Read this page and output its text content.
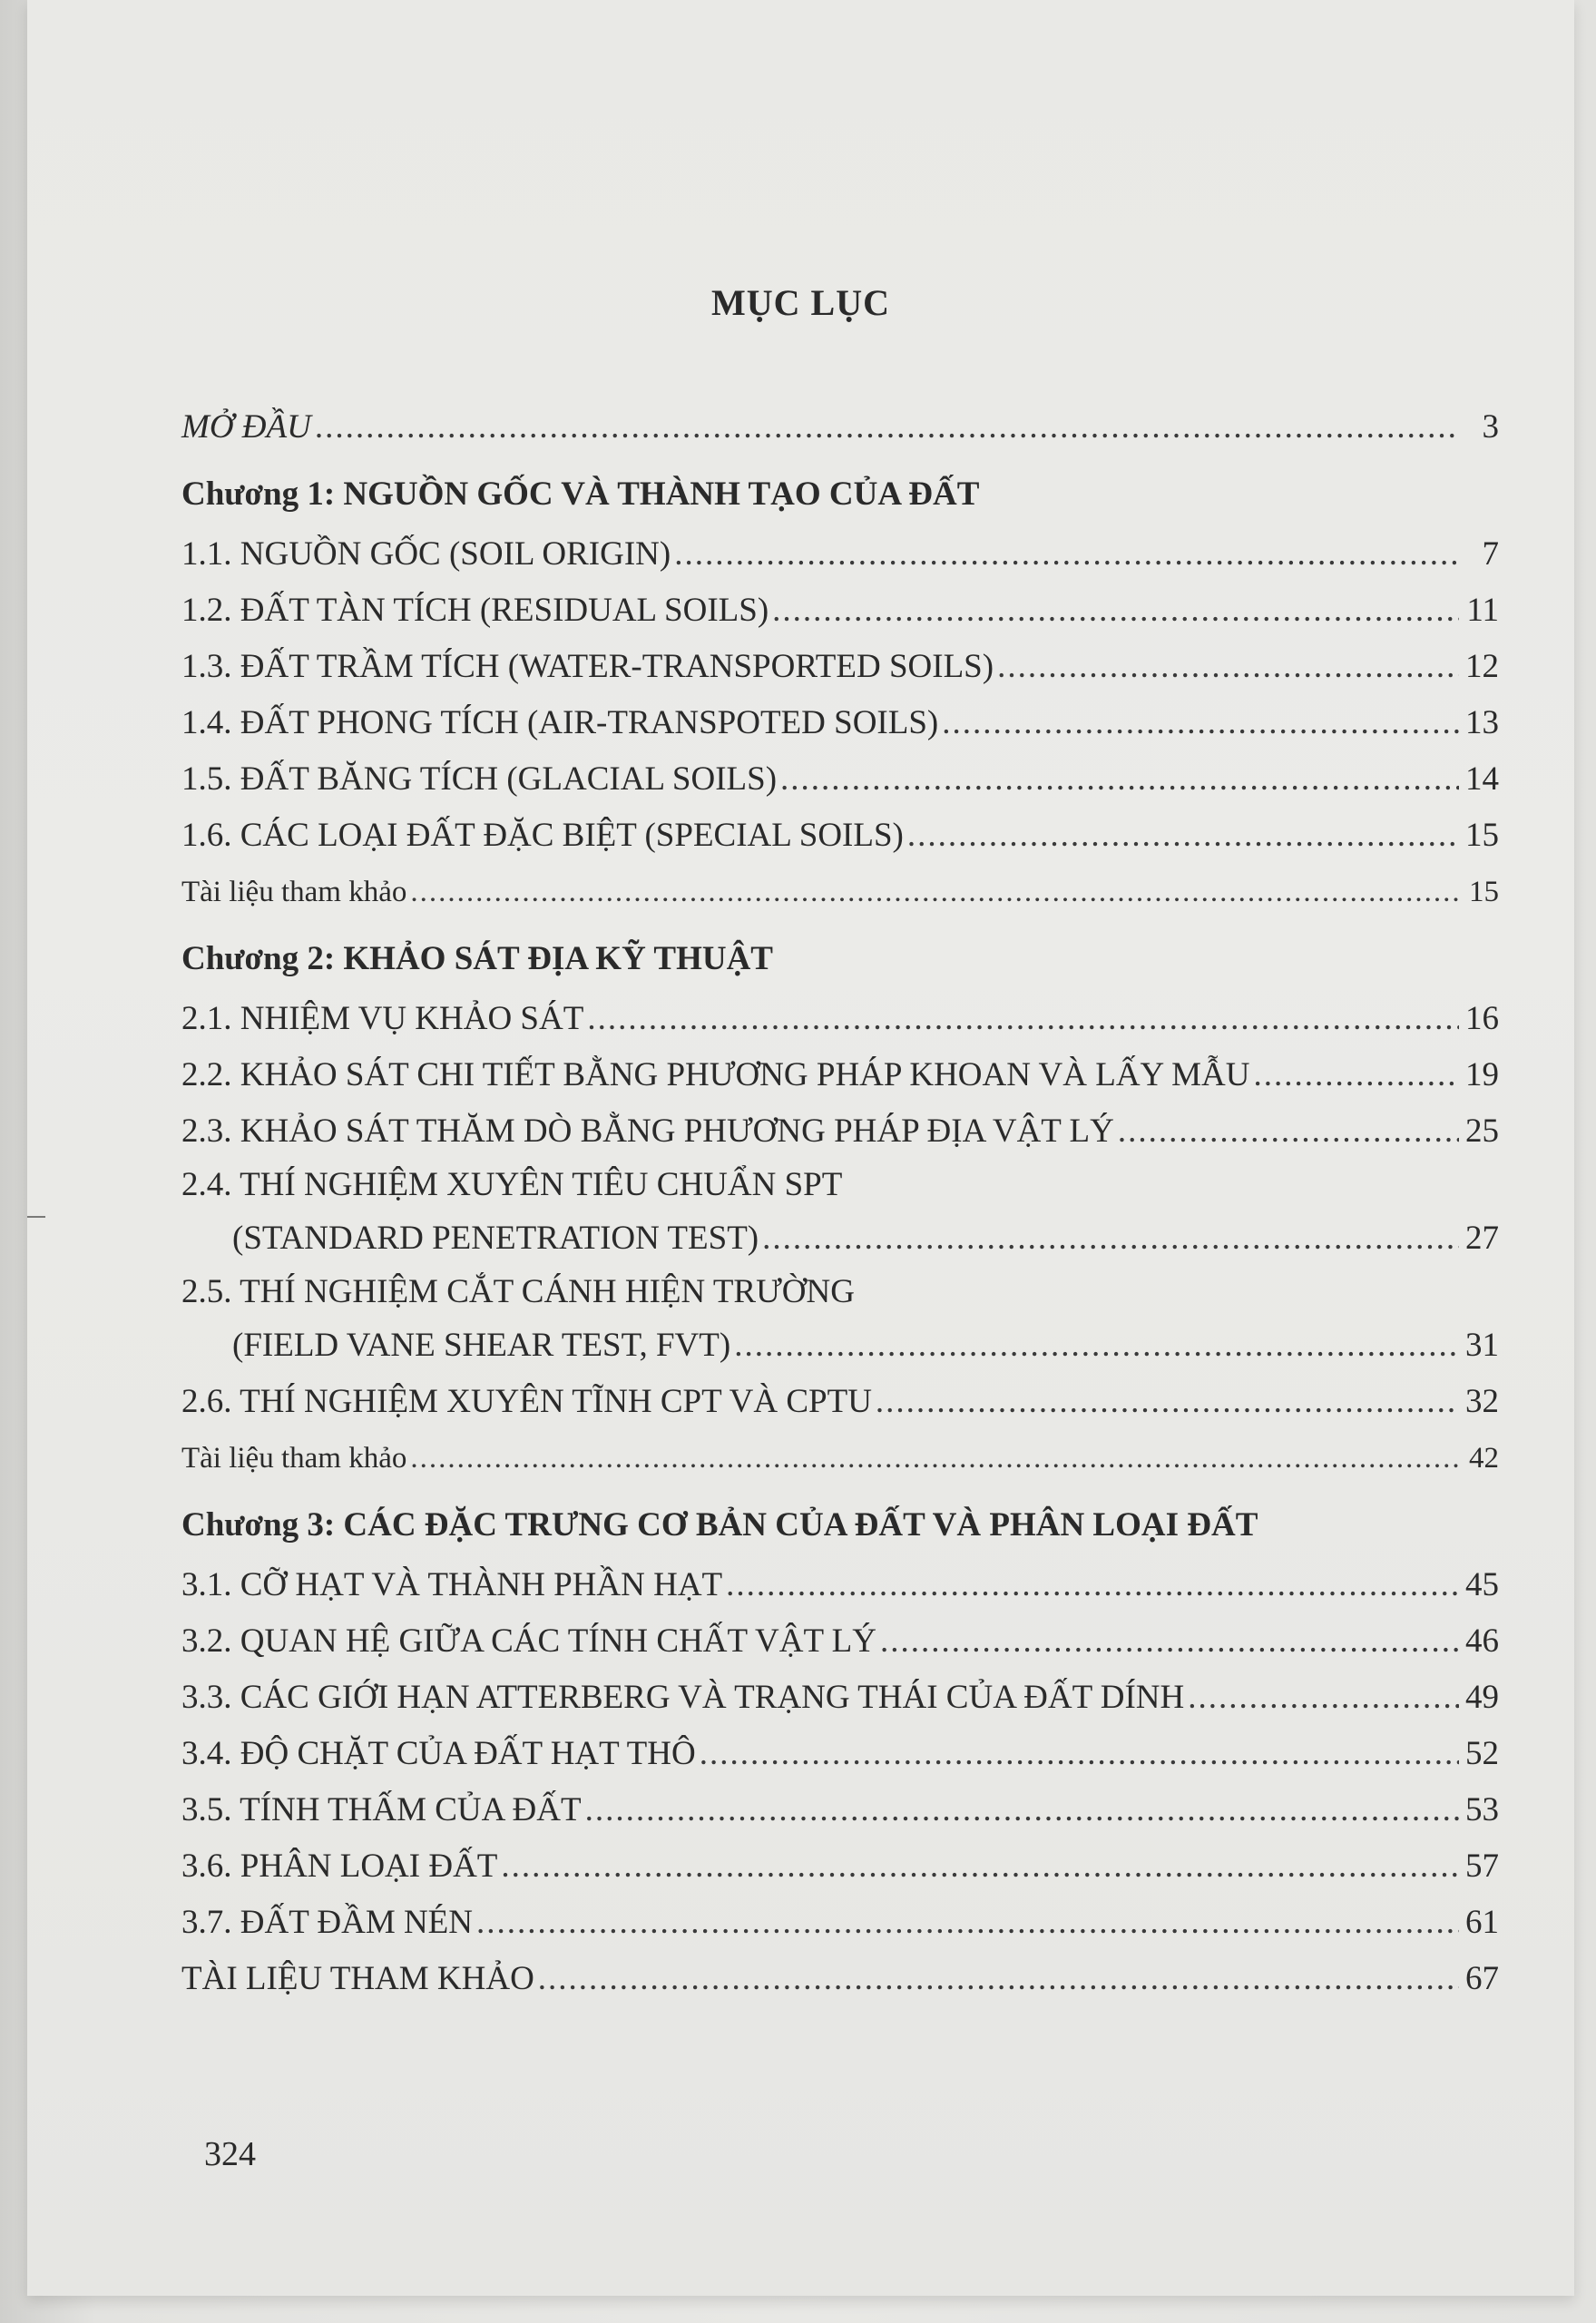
MỤC LỤC
MỞ ĐẦU .....	3
Chương 1: NGUỒN GỐC VÀ THÀNH TẠO CỦA ĐẤT
1.1. NGUỒN GỐC (SOIL ORIGIN) .....	7
1.2. ĐẤT TÀN TÍCH (RESIDUAL SOILS) .....	11
1.3. ĐẤT TRẦM TÍCH (WATER-TRANSPORTED SOILS) .....	12
1.4. ĐẤT PHONG TÍCH (AIR-TRANSPOTED SOILS) .....	13
1.5. ĐẤT BĂNG TÍCH (GLACIAL SOILS) .....	14
1.6. CÁC LOẠI ĐẤT ĐẶC BIỆT (SPECIAL SOILS) .....	15
Tài liệu tham khảo .....	15
Chương 2: KHẢO SÁT ĐỊA KỸ THUẬT
2.1. NHIỆM VỤ KHẢO SÁT .....	16
2.2. KHẢO SÁT CHI TIẾT BẰNG PHƯƠNG PHÁP KHOAN VÀ LẤY MẪU .....	19
2.3. KHẢO SÁT THĂM DÒ BẰNG PHƯƠNG PHÁP ĐỊA VẬT LÝ .....	25
2.4. THÍ NGHIỆM XUYÊN TIÊU CHUẨN SPT
(STANDARD PENETRATION TEST) .....	27
2.5. THÍ NGHIỆM CẮT CÁNH HIỆN TRƯỜNG
(FIELD VANE SHEAR TEST, FVT) .....	31
2.6. THÍ NGHIỆM XUYÊN TĨNH CPT VÀ CPTU .....	32
Tài liệu tham khảo .....	42
Chương 3: CÁC ĐẶC TRƯNG CƠ BẢN CỦA ĐẤT VÀ PHÂN LOẠI ĐẤT
3.1. CỠ HẠT VÀ THÀNH PHẦN HẠT .....	45
3.2. QUAN HỆ GIỮA CÁC TÍNH CHẤT VẬT LÝ .....	46
3.3. CÁC GIỚI HẠN ATTERBERG VÀ TRẠNG THÁI CỦA ĐẤT DÍNH .....	49
3.4. ĐỘ CHẶT CỦA ĐẤT HẠT THÔ .....	52
3.5. TÍNH THẤM CỦA ĐẤT .....	53
3.6. PHÂN LOẠI ĐẤT .....	57
3.7. ĐẤT ĐẦM NÉN .....	61
TÀI LIỆU THAM KHẢO .....	67
324
